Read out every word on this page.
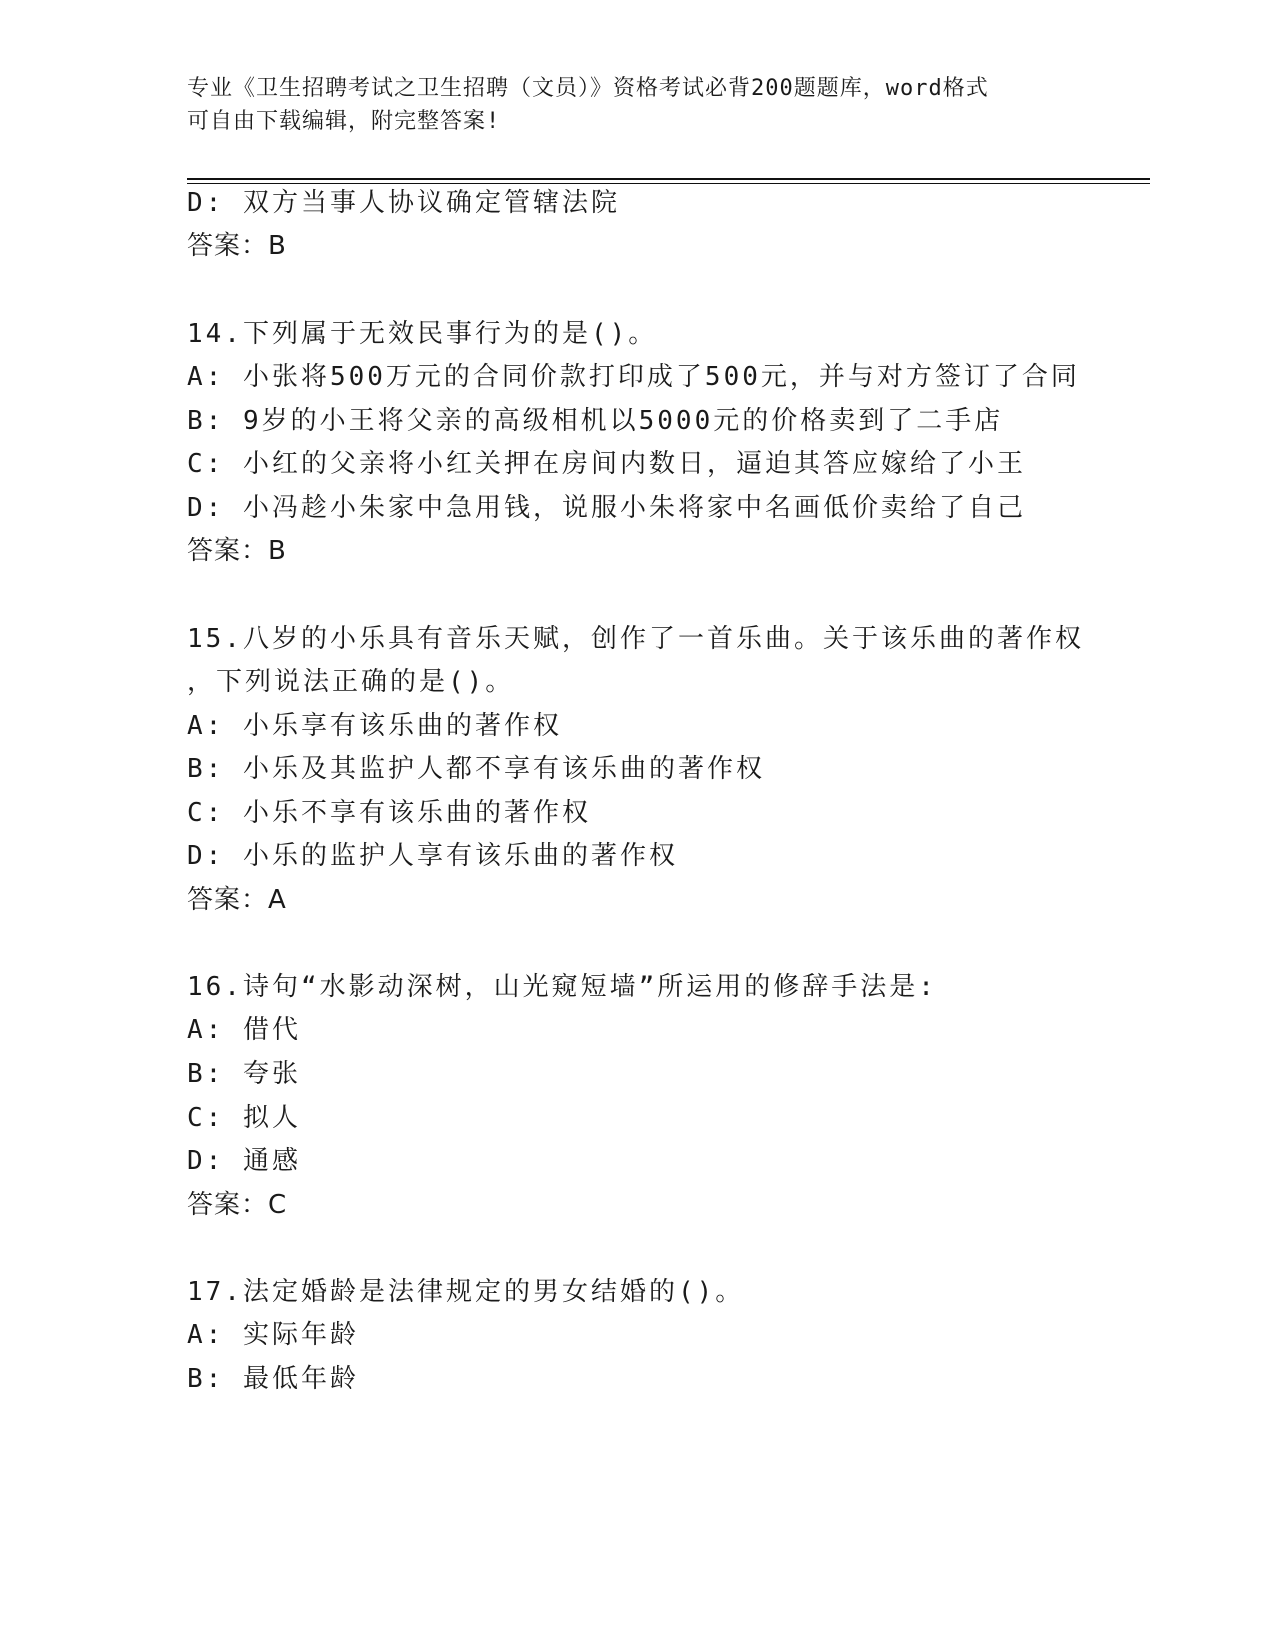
专业《卫生招聘考试之卫生招聘（文员）》资格考试必背200题题库，word格式
可自由下载编辑，附完整答案!
D: 双方当事人协议确定管辖法院
答案：B
14.下列属于无效民事行为的是()。
A: 小张将500万元的合同价款打印成了500元，并与对方签订了合同
B: 9岁的小王将父亲的高级相机以5000元的价格卖到了二手店
C: 小红的父亲将小红关押在房间内数日，逼迫其答应嫁给了小王
D: 小冯趁小朱家中急用钱，说服小朱将家中名画低价卖给了自己
答案：B
15.八岁的小乐具有音乐天赋，创作了一首乐曲。关于该乐曲的著作权
，下列说法正确的是()。
A: 小乐享有该乐曲的著作权
B: 小乐及其监护人都不享有该乐曲的著作权
C: 小乐不享有该乐曲的著作权
D: 小乐的监护人享有该乐曲的著作权
答案：A
16.诗句“水影动深树，山光窥短墙”所运用的修辞手法是:
A: 借代
B: 夸张
C: 拟人
D: 通感
答案：C
17.法定婚龄是法律规定的男女结婚的()。
A: 实际年龄
B: 最低年龄
